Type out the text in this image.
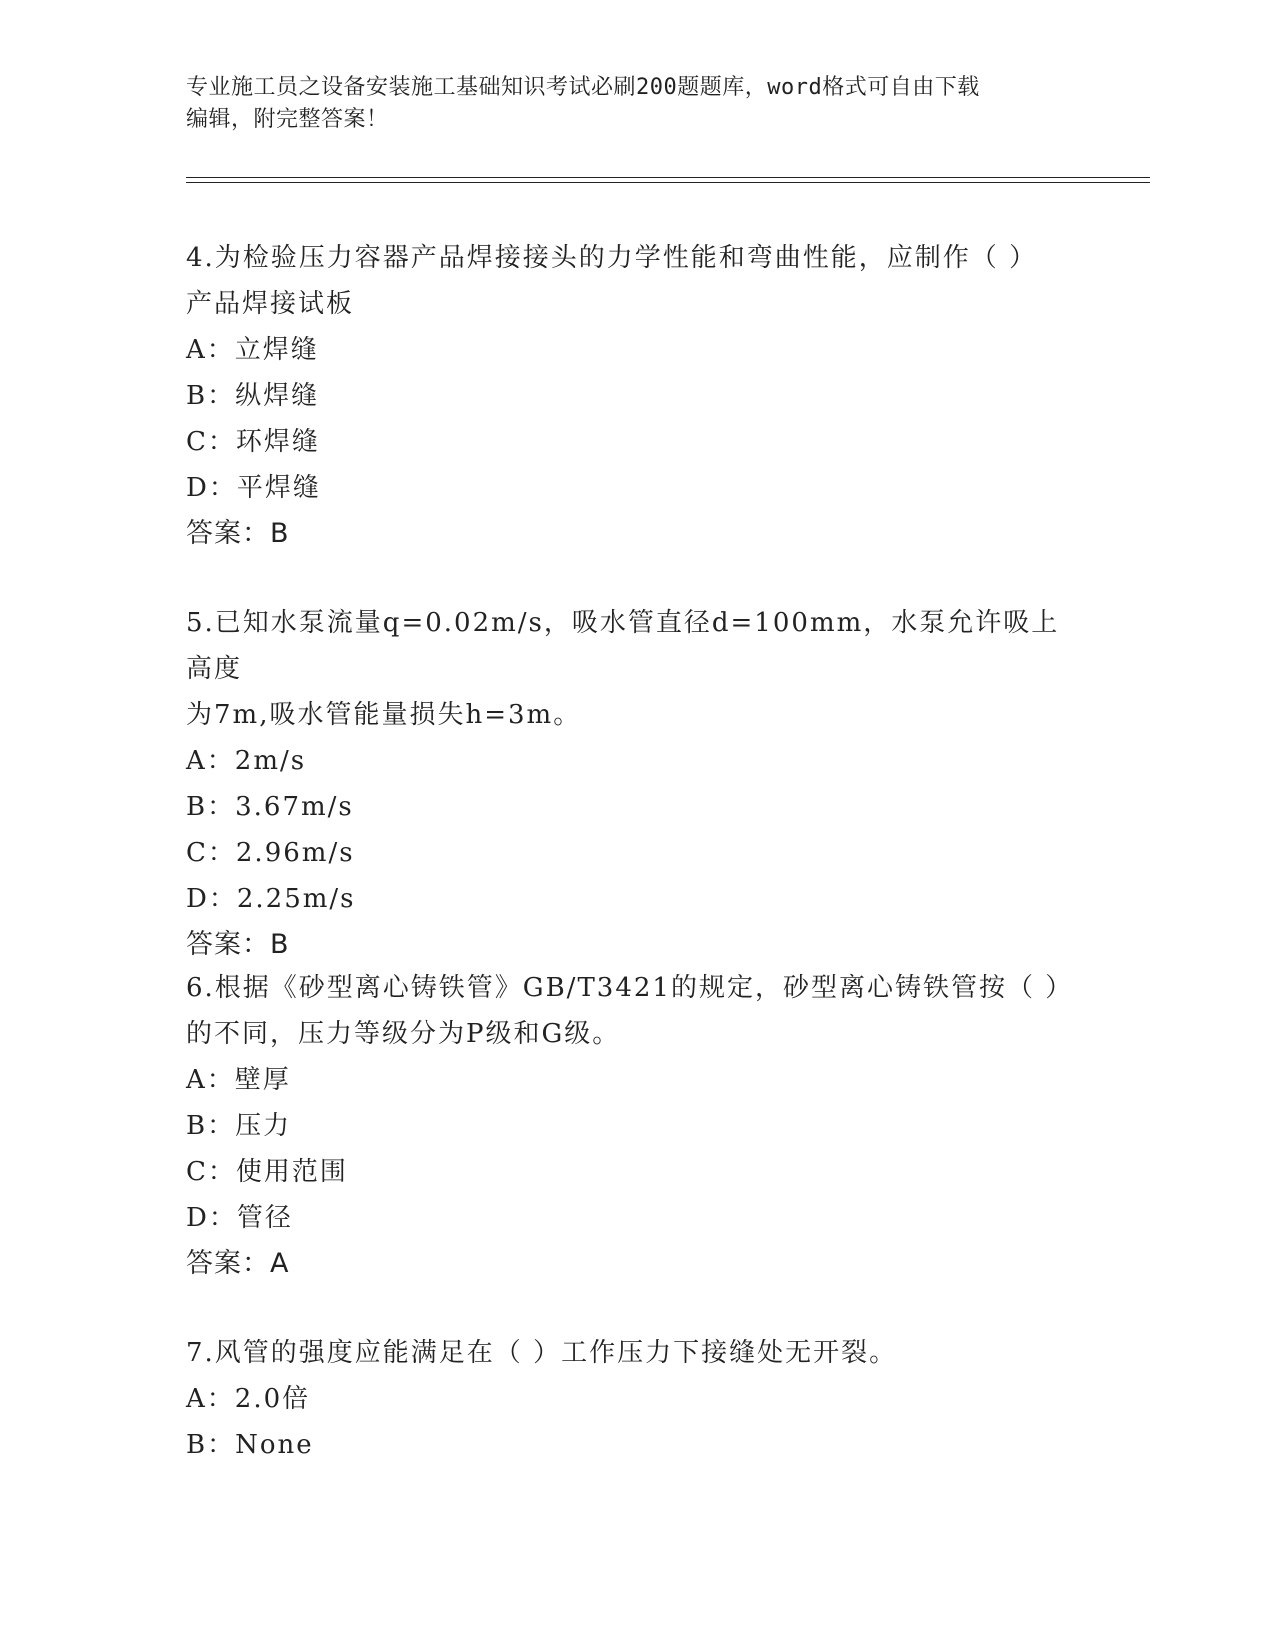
专业施工员之设备安装施工基础知识考试必刷200题题库，word格式可自由下载
编辑，附完整答案！

4.为检验压力容器产品焊接接头的力学性能和弯曲性能，应制作（ ）

产品焊接试板

A：立焊缝

B：纵焊缝

C：环焊缝

D：平焊缝

答案：B

5.已知水泵流量q=0.02m/s，吸水管直径d=100mm，水泵允许吸上高度

为7m,吸水管能量损失h=3m。

A：2m/s

B：3.67m/s

C：2.96m/s

D：2.25m/s

答案：B

6.根据《砂型离心铸铁管》GB/T3421的规定，砂型离心铸铁管按（ ）

的不同，压力等级分为P级和G级。

A：壁厚

B：压力

C：使用范围

D：管径

答案：A

7.风管的强度应能满足在（ ）工作压力下接缝处无开裂。

A：2.0倍

B：None
